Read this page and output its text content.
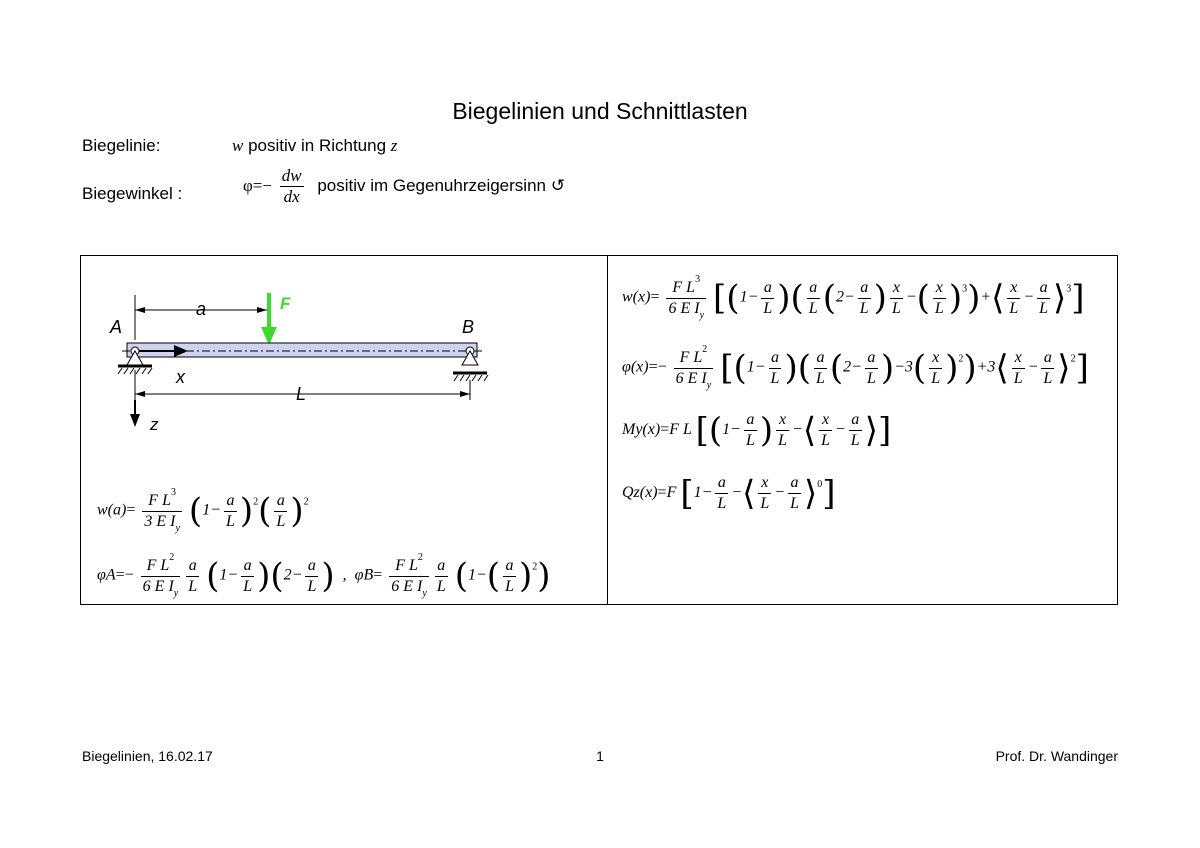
Biegelinien und Schnittlasten
Biegelinie:	w positiv in Richtung z
Biegewinkel :	$\varphi=- \frac{dw}{dx}$ positiv im Gegenuhrzeigersinn ↺
a	F
A	B
x
L
z
$w(a)= \frac{F L^3}{3 E I_y} (1- \frac{a}{L} )^2( \frac{a}{L} )^2$
$\varphi A=- \frac{F L^2}{6 E I_y} \frac{a}{L} (1- \frac{a}{L} )(2- \frac{a}{L}$ )  ,  $\varphi B= \frac{F L^2}{6 E I_y} \frac{a}{L} (1-( \frac{a}{L} )^2)$
$w(x)= \frac{F L^3}{6 E I_y} [(1- \frac{a}{L}$ )( $\frac{a}{L} (2- \frac{a}{L}$ ) $\frac{x}{L}$ −( $\frac{x}{L}$ )$^3$)+⟨ $\frac{x}{L} - \frac{a}{L}$ ⟩$^3$]
$\varphi(x)=- \frac{F L^2}{6 E I_y} [(1- \frac{a}{L}$ )( $\frac{a}{L} (2- \frac{a}{L} )-3( \frac{x}{L}$ )$^2)+3⟨ \frac{x}{L} - \frac{a}{L}$ ⟩$^2$]
My(x)=F L [($1- \frac{a}{L}$ ) $\frac{x}{L}$ −⟨ $\frac{x}{L} - \frac{a}{L}$ ⟩]
Qz(x)=F [$1- \frac{a}{L}$ −⟨ $\frac{x}{L} - \frac{a}{L}$ ⟩$^0$]
Biegelinien, 16.02.17	1	Prof. Dr. Wandinger
